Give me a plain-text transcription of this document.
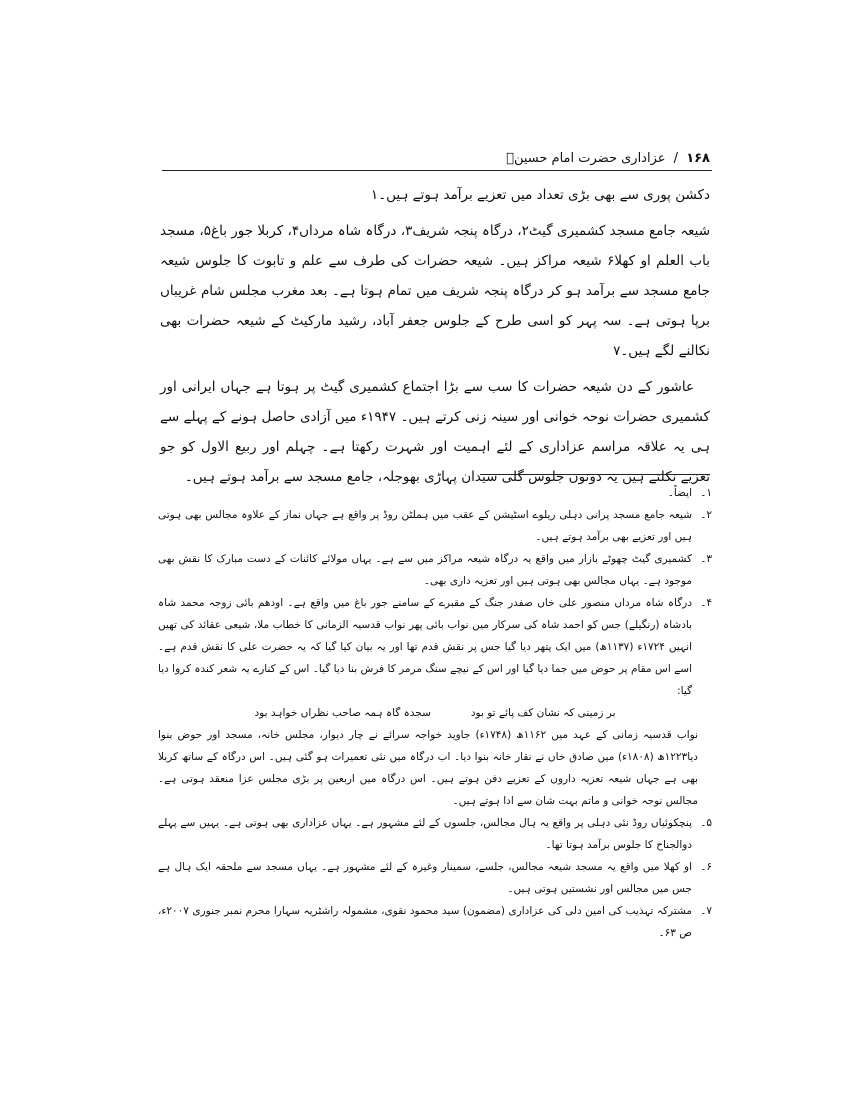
۱۶۸ / عزاداری حضرت امام حسینؑ

دکشن پوری سے بھی بڑی تعداد میں تعزیے برآمد ہوتے ہیں۔۱

شیعہ جامع مسجد کشمیری گیٹ۲، درگاہ پنجہ شریف۳، درگاہ شاہ مرداں۴، کربلا جور باغ۵، مسجد باب العلم او کھلا۶ شیعہ مراکز ہیں۔ شیعہ حضرات کی طرف سے علم و تابوت کا جلوس شیعہ جامع مسجد سے برآمد ہو کر درگاہ پنجہ شریف میں تمام ہوتا ہے۔ بعد مغرب مجلس شام غریباں برپا ہوتی ہے۔ سہ پہر کو اسی طرح کے جلوس جعفر آباد، رشید مارکیٹ کے شیعہ حضرات بھی نکالنے لگے ہیں۔۷

عاشور کے دن شیعہ حضرات کا سب سے بڑا اجتماع کشمیری گیٹ پر ہوتا ہے جہاں ایرانی اور کشمیری حضرات نوحہ خوانی اور سینہ زنی کرتے ہیں۔ ۱۹۴۷ء میں آزادی حاصل ہونے کے پہلے سے ہی یہ علاقہ مراسم عزاداری کے لئے اہمیت اور شہرت رکھتا ہے۔ چہلم اور ربیع الاول کو جو تعزیے نکلتے ہیں یہ دونوں جلوس گلی سیدان پہاڑی بھوجلہ، جامع مسجد سے برآمد ہوتے ہیں۔

۱۔
ایضاً۔

۲۔
شیعہ جامع مسجد پرانی دہلی ریلوے اسٹیشن کے عقب میں ہملٹن روڈ پر واقع ہے جہاں نماز کے علاوہ مجالس بھی ہوتی ہیں اور تعزیے بھی برآمد ہوتے ہیں۔

۳۔
کشمیری گیٹ چھوٹے بازار میں واقع یہ درگاہ شیعہ مراکز میں سے ہے۔ یہاں مولائے کائنات کے دست مبارک کا نقش بھی موجود ہے۔ یہاں مجالس بھی ہوتی ہیں اور تعزیہ داری بھی۔

۴۔
درگاہ شاہ مرداں منصور علی خاں صفدر جنگ کے مقبرے کے سامنے جور باغ میں واقع ہے۔ اودھم بائی زوجہ محمد شاہ بادشاہ (رنگیلے) جس کو احمد شاہ کی سرکار میں نواب بائی پھر نواب قدسیہ الزمانی کا خطاب ملا، شیعی عقائد کی تھیں انہیں ۱۷۲۴ء (۱۱۳۷ھ) میں ایک پتھر دیا گیا جس پر نقش قدم تھا اور یہ بیان کیا گیا کہ یہ حضرت علی کا نقش قدم ہے۔ اسے اس مقام پر حوض میں جما دیا گیا اور اس کے نیچے سنگ مرمر کا فرش بنا دیا گیا۔ اس کے کنارے یہ شعر کندہ کروا دیا گیا:

بر زمینی کہ نشان کف پائے تو بود
سجدہ گاہ ہمہ صاحب نظراں خواہد بود

نواب قدسیہ زمانی کے عہد میں ۱۱۶۲ھ (۱۷۴۸ء) جاوید خواجہ سرائے نے چار دیوار، مجلس خانہ، مسجد اور حوض بنوا دیا۱۲۲۳ھ (۱۸۰۸ء) میں صادق خاں نے نقار خانہ بنوا دیا۔ اب درگاہ میں نئی تعمیرات ہو گئی ہیں۔ اس درگاہ کے ساتھ کربلا بھی ہے جہاں شیعہ تعزیہ داروں کے تعزیے دفن ہوتے ہیں۔ اس درگاہ میں اربعین پر بڑی مجلس عزا منعقد ہوتی ہے۔ مجالس نوحہ خوانی و ماتم بہت شان سے ادا ہوتے ہیں۔

۵۔
پنچکوئیاں روڈ نئی دہلی پر واقع یہ ہال مجالس، جلسوں کے لئے مشہور ہے۔ یہاں عزاداری بھی ہوتی ہے۔ یہیں سے پہلے دوالجناح کا جلوس برآمد ہوتا تھا۔

۶۔
او کھلا میں واقع یہ مسجد شیعہ مجالس، جلسے، سمینار وغیرہ کے لئے مشہور ہے۔ یہاں مسجد سے ملحقہ ایک ہال ہے جس میں مجالس اور نشستیں ہوتی ہیں۔

۷۔
مشترکہ تہذیب کی امین دلی کی عزاداری (مضمون) سید محمود نقوی، مشمولہ راشٹریہ سہارا محرم نمبر جنوری ۲۰۰۷ء، ص ۶۳۔
